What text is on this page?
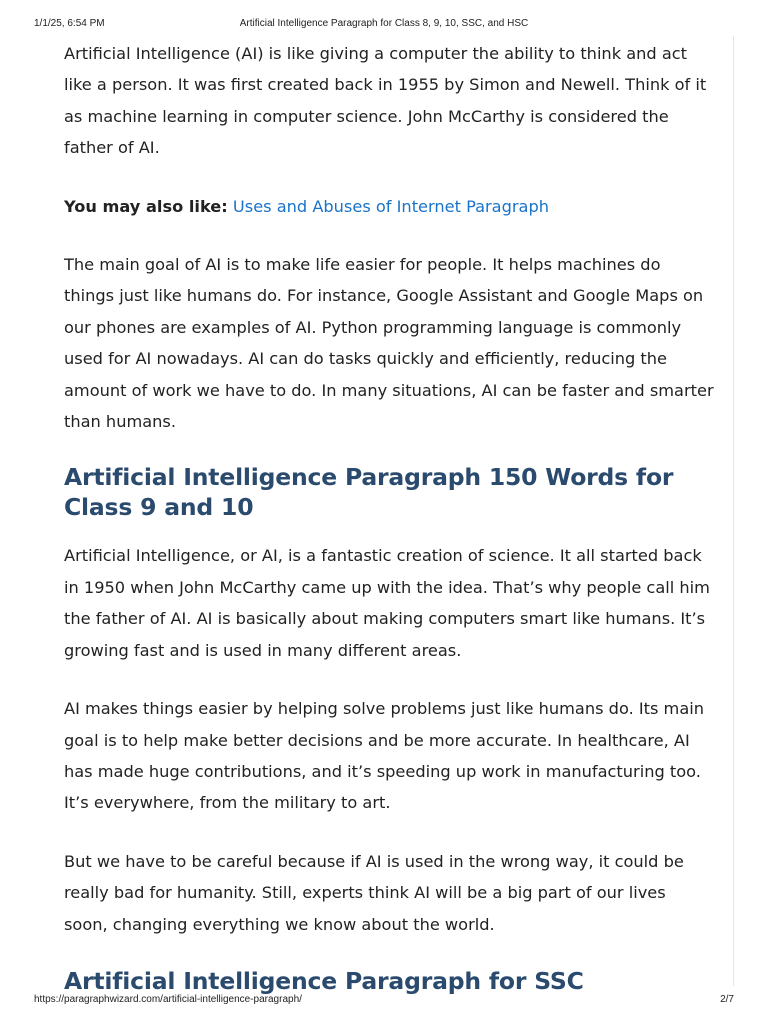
1/1/25, 6:54 PM	Artificial Intelligence Paragraph for Class 8, 9, 10, SSC, and HSC

Artificial Intelligence (AI) is like giving a computer the ability to think and act like a person. It was first created back in 1955 by Simon and Newell. Think of it as machine learning in computer science. John McCarthy is considered the father of AI.

You may also like: Uses and Abuses of Internet Paragraph

The main goal of AI is to make life easier for people. It helps machines do things just like humans do. For instance, Google Assistant and Google Maps on our phones are examples of AI. Python programming language is commonly used for AI nowadays. AI can do tasks quickly and efficiently, reducing the amount of work we have to do. In many situations, AI can be faster and smarter than humans.

Artificial Intelligence Paragraph 150 Words for Class 9 and 10

Artificial Intelligence, or AI, is a fantastic creation of science. It all started back in 1950 when John McCarthy came up with the idea. That’s why people call him the father of AI. AI is basically about making computers smart like humans. It’s growing fast and is used in many different areas.

AI makes things easier by helping solve problems just like humans do. Its main goal is to help make better decisions and be more accurate. In healthcare, AI has made huge contributions, and it’s speeding up work in manufacturing too. It’s everywhere, from the military to art.

But we have to be careful because if AI is used in the wrong way, it could be really bad for humanity. Still, experts think AI will be a big part of our lives soon, changing everything we know about the world.

Artificial Intelligence Paragraph for SSC
https://paragraphwizard.com/artificial-intelligence-paragraph/	2/7
